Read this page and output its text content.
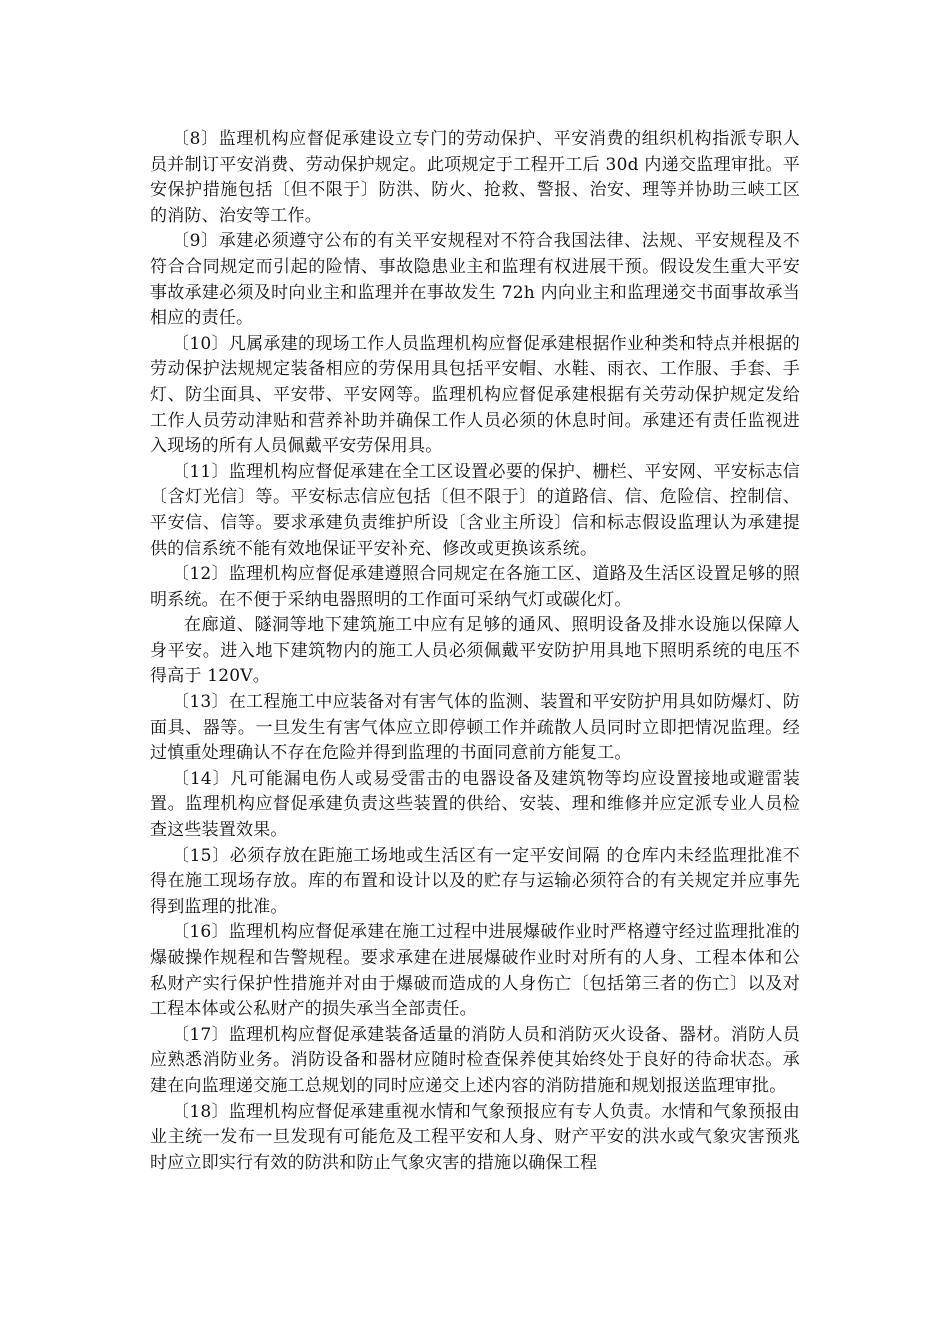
〔8〕监理机构应督促承建设立专门的劳动保护、平安消费的组织机构指派专职人员并制订平安消费、劳动保护规定。此项规定于工程开工后 30d 内递交监理审批。平安保护措施包括〔但不限于〕防洪、防火、抢救、警报、治安、理等并协助三峡工区的消防、治安等工作。

〔9〕承建必须遵守公布的有关平安规程对不符合我国法律、法规、平安规程及不符合合同规定而引起的险情、事故隐患业主和监理有权进展干预。假设发生重大平安事故承建必须及时向业主和监理并在事故发生 72h 内向业主和监理递交书面事故承当相应的责任。

〔10〕凡属承建的现场工作人员监理机构应督促承建根据作业种类和特点并根据的劳动保护法规规定装备相应的劳保用具包括平安帽、水鞋、雨衣、工作服、手套、手灯、防尘面具、平安带、平安网等。监理机构应督促承建根据有关劳动保护规定发给工作人员劳动津贴和营养补助并确保工作人员必须的休息时间。承建还有责任监视进入现场的所有人员佩戴平安劳保用具。

〔11〕监理机构应督促承建在全工区设置必要的保护、栅栏、平安网、平安标志信〔含灯光信〕等。平安标志信应包括〔但不限于〕的道路信、信、危险信、控制信、平安信、信等。要求承建负责维护所设〔含业主所设〕信和标志假设监理认为承建提供的信系统不能有效地保证平安补充、修改或更换该系统。

〔12〕监理机构应督促承建遵照合同规定在各施工区、道路及生活区设置足够的照明系统。在不便于采纳电器照明的工作面可采纳气灯或碳化灯。

在廊道、隧洞等地下建筑施工中应有足够的通风、照明设备及排水设施以保障人身平安。进入地下建筑物内的施工人员必须佩戴平安防护用具地下照明系统的电压不得高于 120V。

〔13〕在工程施工中应装备对有害气体的监测、装置和平安防护用具如防爆灯、防面具、器等。一旦发生有害气体应立即停顿工作并疏散人员同时立即把情况监理。经过慎重处理确认不存在危险并得到监理的书面同意前方能复工。

〔14〕凡可能漏电伤人或易受雷击的电器设备及建筑物等均应设置接地或避雷装置。监理机构应督促承建负责这些装置的供给、安装、理和维修并应定派专业人员检查这些装置效果。

〔15〕必须存放在距施工场地或生活区有一定平安间隔 的仓库内未经监理批准不得在施工现场存放。库的布置和设计以及的贮存与运输必须符合的有关规定并应事先得到监理的批准。

〔16〕监理机构应督促承建在施工过程中进展爆破作业时严格遵守经过监理批准的爆破操作规程和告警规程。要求承建在进展爆破作业时对所有的人身、工程本体和公私财产实行保护性措施并对由于爆破而造成的人身伤亡〔包括第三者的伤亡〕以及对工程本体或公私财产的损失承当全部责任。

〔17〕监理机构应督促承建装备适量的消防人员和消防灭火设备、器材。消防人员应熟悉消防业务。消防设备和器材应随时检查保养使其始终处于良好的待命状态。承建在向监理递交施工总规划的同时应递交上述内容的消防措施和规划报送监理审批。

〔18〕监理机构应督促承建重视水情和气象预报应有专人负责。水情和气象预报由业主统一发布一旦发现有可能危及工程平安和人身、财产平安的洪水或气象灾害预兆时应立即实行有效的防洪和防止气象灾害的措施以确保工程
